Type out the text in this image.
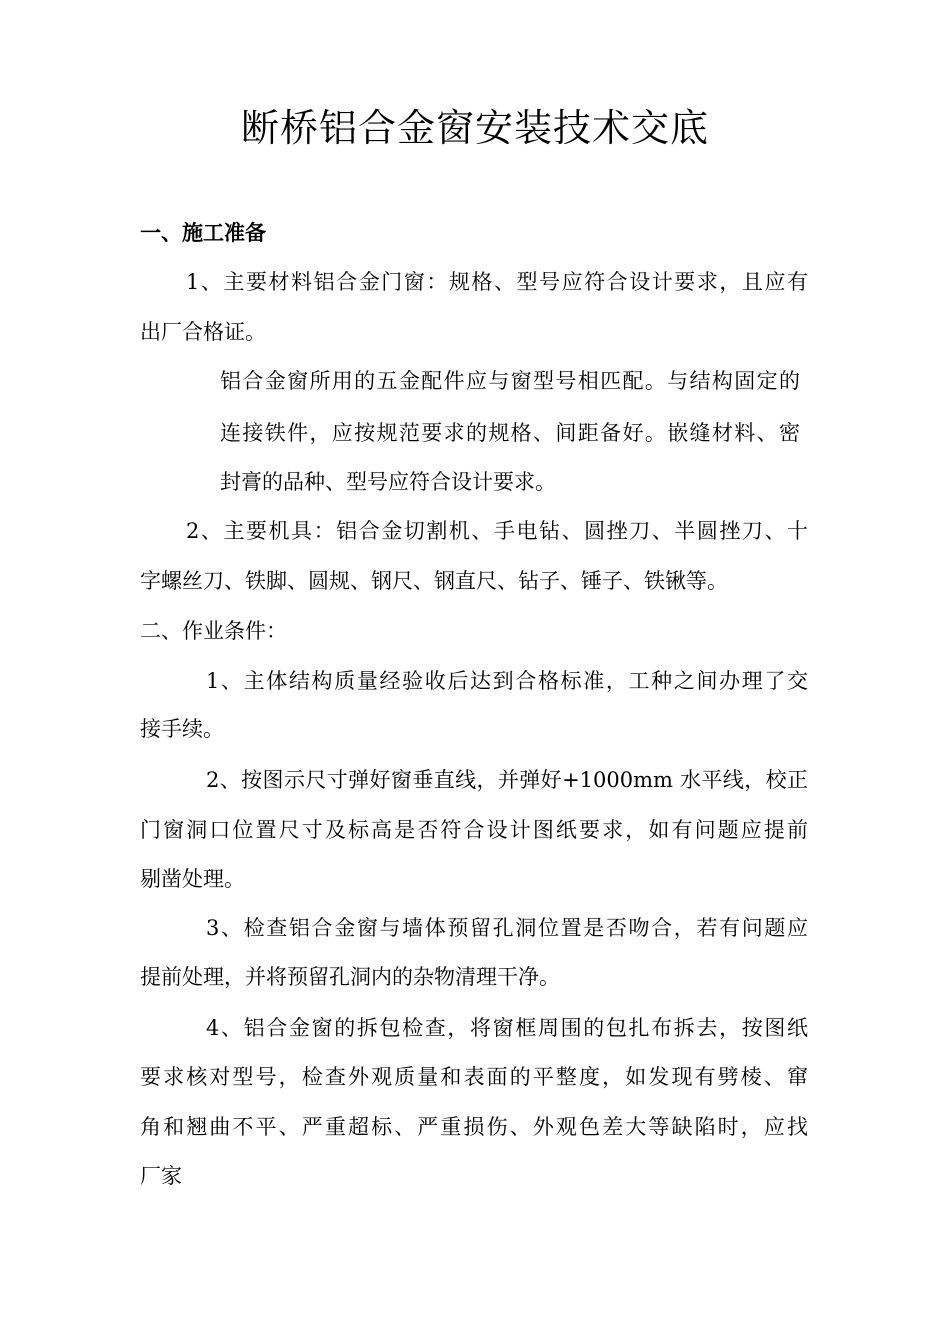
断桥铝合金窗安装技术交底
一、施工准备
1、主要材料铝合金门窗：规格、型号应符合设计要求，且应有
出厂合格证。
铝合金窗所用的五金配件应与窗型号相匹配。与结构固定的
连接铁件，应按规范要求的规格、间距备好。嵌缝材料、密
封膏的品种、型号应符合设计要求。
2、主要机具：铝合金切割机、手电钻、圆挫刀、半圆挫刀、十
字螺丝刀、铁脚、圆规、钢尺、钢直尺、钻子、锤子、铁锹等。
二、作业条件：
1、主体结构质量经验收后达到合格标准，工种之间办理了交
接手续。
2、按图示尺寸弹好窗垂直线，并弹好+1000mm 水平线，校正
门窗洞口位置尺寸及标高是否符合设计图纸要求，如有问题应提前
剔凿处理。
3、检查铝合金窗与墙体预留孔洞位置是否吻合，若有问题应
提前处理，并将预留孔洞内的杂物清理干净。
4、铝合金窗的拆包检查，将窗框周围的包扎布拆去，按图纸
要求核对型号，检查外观质量和表面的平整度，如发现有劈棱、窜
角和翘曲不平、严重超标、严重损伤、外观色差大等缺陷时，应找
厂家
